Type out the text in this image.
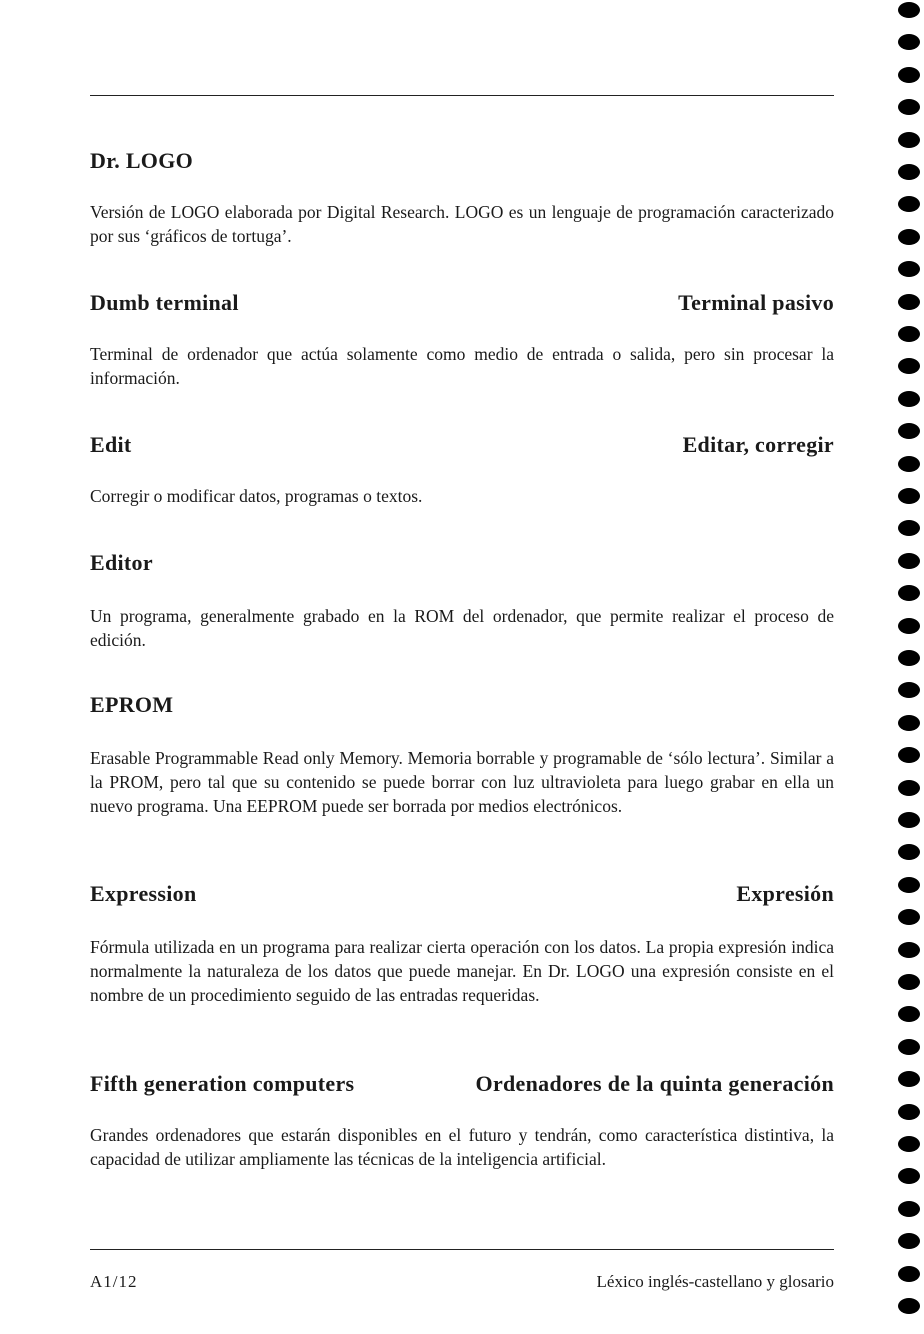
Dr. LOGO

Versión de LOGO elaborada por Digital Research. LOGO es un lenguaje de programación caracterizado por sus ‘gráficos de tortuga’.

Dumb terminal	Terminal pasivo

Terminal de ordenador que actúa solamente como medio de entrada o salida, pero sin procesar la información.

Edit	Editar, corregir

Corregir o modificar datos, programas o textos.

Editor

Un programa, generalmente grabado en la ROM del ordenador, que permite realizar el proceso de edición.

EPROM

Erasable Programmable Read only Memory. Memoria borrable y programable de ‘sólo lectura’. Similar a la PROM, pero tal que su contenido se puede borrar con luz ultravioleta para luego grabar en ella un nuevo programa. Una EEPROM puede ser borrada por medios electrónicos.

Expression	Expresión

Fórmula utilizada en un programa para realizar cierta operación con los datos. La propia expresión indica normalmente la naturaleza de los datos que puede manejar. En Dr. LOGO una expresión consiste en el nombre de un procedimiento seguido de las entradas requeridas.

Fifth generation computers	Ordenadores de la quinta generación

Grandes ordenadores que estarán disponibles en el futuro y tendrán, como característica distintiva, la capacidad de utilizar ampliamente las técnicas de la inteligencia artificial.

A1/12	Léxico inglés-castellano y glosario
